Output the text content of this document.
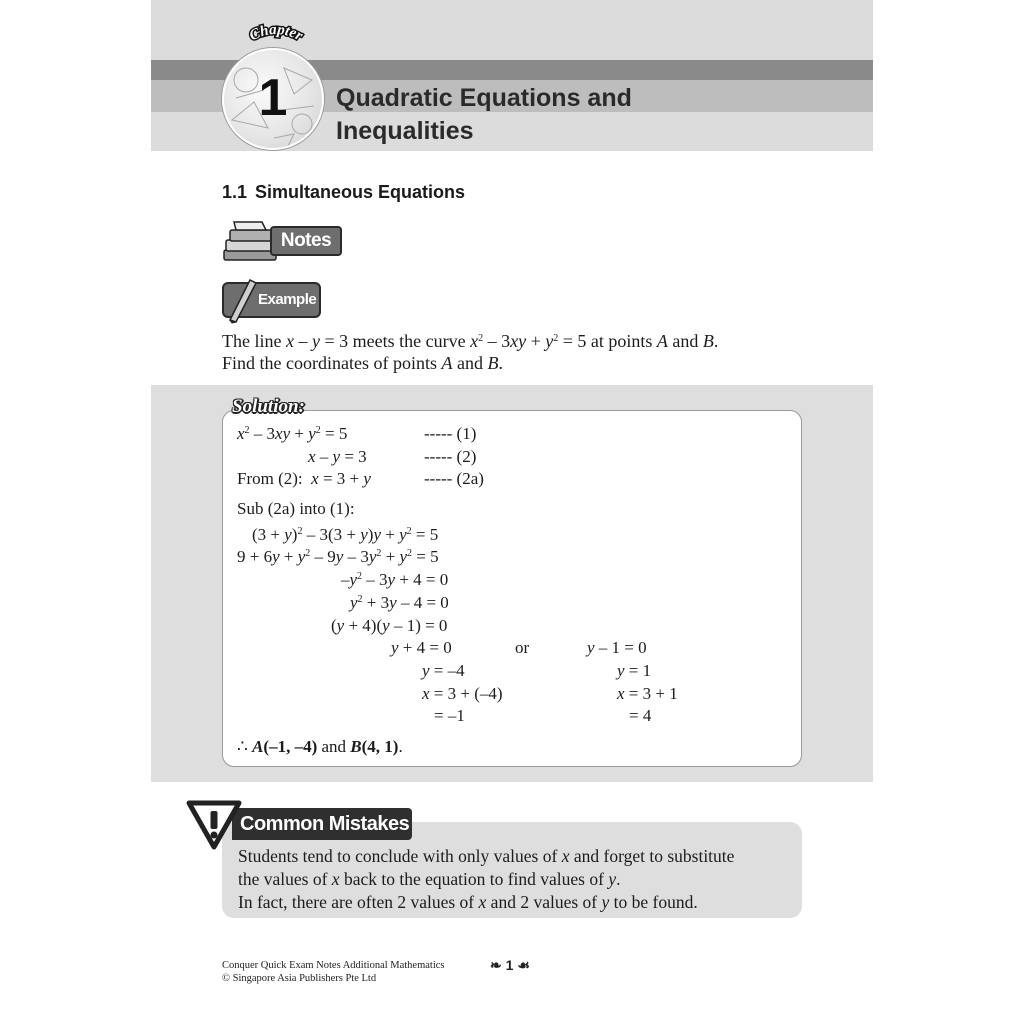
1
Chapter
Quadratic Equations and
Inequalities
1.1 Simultaneous Equations
Notes
Example
The line x – y = 3 meets the curve $x^2 - 3xy + y^2 = 5$ at points A and B.
Find the coordinates of points A and B.
Solution:
$x^2 - 3xy + y^2 = 5$	----- (1)
x – y = 3	----- (2)
From (2): x = 3 + y	----- (2a)
Sub (2a) into (1):
$(3 + y)^2 - 3(3 + y)y + y^2 = 5$
$9 + 6y + y^2 - 9y - 3y^2 + y^2 = 5$
$-y^2 - 3y + 4 = 0$
$y^2 + 3y - 4 = 0$
(y + 4)(y – 1) = 0
y + 4 = 0	or	y – 1 = 0
y = –4	y = 1
x = 3 + (–4)	x = 3 + 1
= –1	= 4
∴ A(–1, –4) and B(4, 1).
Common Mistakes
Students tend to conclude with only values of x and forget to substitute
the values of x back to the equation to find values of y.
In fact, there are often 2 values of x and 2 values of y to be found.
Conquer Quick Exam Notes Additional Mathematics
© Singapore Asia Publishers Pte Ltd
❧ 1 ☙
